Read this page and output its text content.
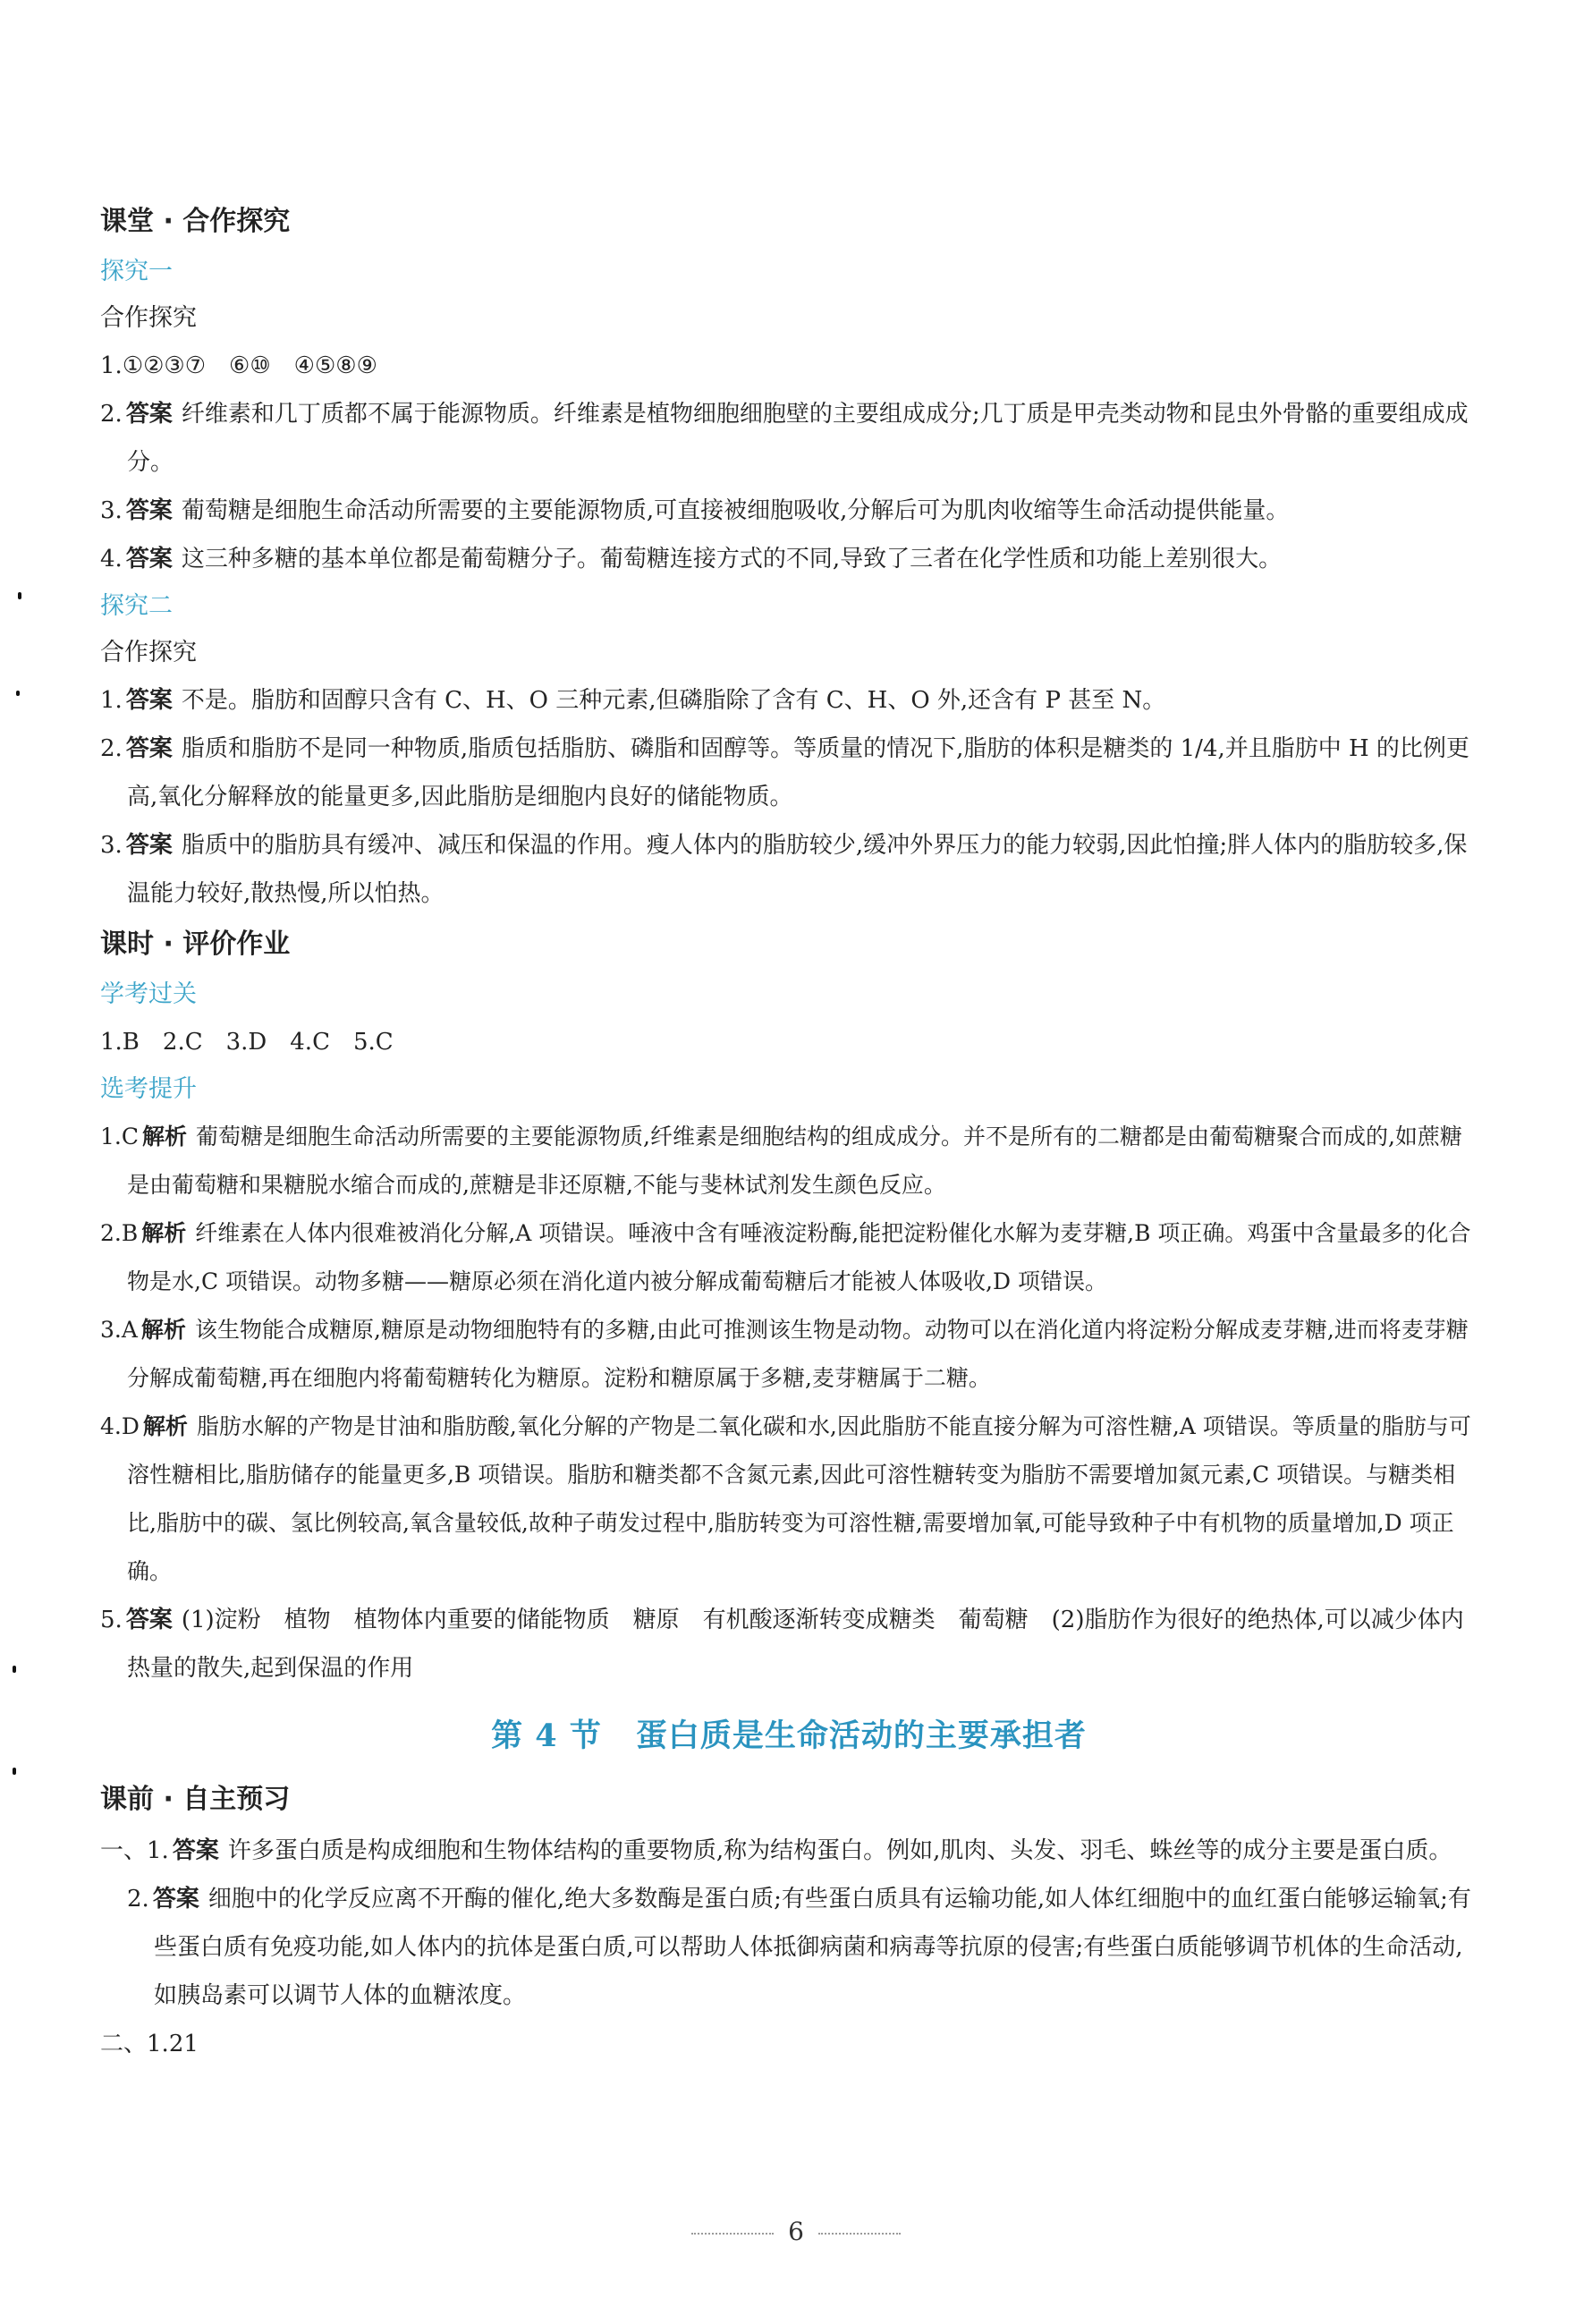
课堂 · 合作探究
探究一
合作探究
1.①②③⑦　⑥⑩　④⑤⑧⑨
2. 答案 纤维素和几丁质都不属于能源物质。纤维素是植物细胞细胞壁的主要组成成分;几丁质是甲壳类动物和昆虫外骨骼的重要组成成分。
3. 答案 葡萄糖是细胞生命活动所需要的主要能源物质,可直接被细胞吸收,分解后可为肌肉收缩等生命活动提供能量。
4. 答案 这三种多糖的基本单位都是葡萄糖分子。葡萄糖连接方式的不同,导致了三者在化学性质和功能上差别很大。
探究二
合作探究
1. 答案 不是。脂肪和固醇只含有 C、H、O 三种元素,但磷脂除了含有 C、H、O 外,还含有 P 甚至 N。
2. 答案 脂质和脂肪不是同一种物质,脂质包括脂肪、磷脂和固醇等。等质量的情况下,脂肪的体积是糖类的 1/4,并且脂肪中 H 的比例更高,氧化分解释放的能量更多,因此脂肪是细胞内良好的储能物质。
3. 答案 脂质中的脂肪具有缓冲、减压和保温的作用。瘦人体内的脂肪较少,缓冲外界压力的能力较弱,因此怕撞;胖人体内的脂肪较多,保温能力较好,散热慢,所以怕热。
课时 · 评价作业
学考过关
1.B　2.C　3.D　4.C　5.C
选考提升
1.C 解析 葡萄糖是细胞生命活动所需要的主要能源物质,纤维素是细胞结构的组成成分。并不是所有的二糖都是由葡萄糖聚合而成的,如蔗糖是由葡萄糖和果糖脱水缩合而成的,蔗糖是非还原糖,不能与斐林试剂发生颜色反应。
2.B 解析 纤维素在人体内很难被消化分解,A 项错误。唾液中含有唾液淀粉酶,能把淀粉催化水解为麦芽糖,B 项正确。鸡蛋中含量最多的化合物是水,C 项错误。动物多糖——糖原必须在消化道内被分解成葡萄糖后才能被人体吸收,D 项错误。
3.A 解析 该生物能合成糖原,糖原是动物细胞特有的多糖,由此可推测该生物是动物。动物可以在消化道内将淀粉分解成麦芽糖,进而将麦芽糖分解成葡萄糖,再在细胞内将葡萄糖转化为糖原。淀粉和糖原属于多糖,麦芽糖属于二糖。
4.D 解析 脂肪水解的产物是甘油和脂肪酸,氧化分解的产物是二氧化碳和水,因此脂肪不能直接分解为可溶性糖,A 项错误。等质量的脂肪与可溶性糖相比,脂肪储存的能量更多,B 项错误。脂肪和糖类都不含氮元素,因此可溶性糖转变为脂肪不需要增加氮元素,C 项错误。与糖类相比,脂肪中的碳、氢比例较高,氧含量较低,故种子萌发过程中,脂肪转变为可溶性糖,需要增加氧,可能导致种子中有机物的质量增加,D 项正确。
5. 答案 (1)淀粉　植物　植物体内重要的储能物质　糖原　有机酸逐渐转变成糖类　葡萄糖　(2)脂肪作为很好的绝热体,可以减少体内热量的散失,起到保温的作用
第 4 节 蛋白质是生命活动的主要承担者
课前 · 自主预习
一、1. 答案 许多蛋白质是构成细胞和生物体结构的重要物质,称为结构蛋白。例如,肌肉、头发、羽毛、蛛丝等的成分主要是蛋白质。
2. 答案 细胞中的化学反应离不开酶的催化,绝大多数酶是蛋白质;有些蛋白质具有运输功能,如人体红细胞中的血红蛋白能够运输氧;有些蛋白质有免疫功能,如人体内的抗体是蛋白质,可以帮助人体抵御病菌和病毒等抗原的侵害;有些蛋白质能够调节机体的生命活动,如胰岛素可以调节人体的血糖浓度。
二、1.21
6
